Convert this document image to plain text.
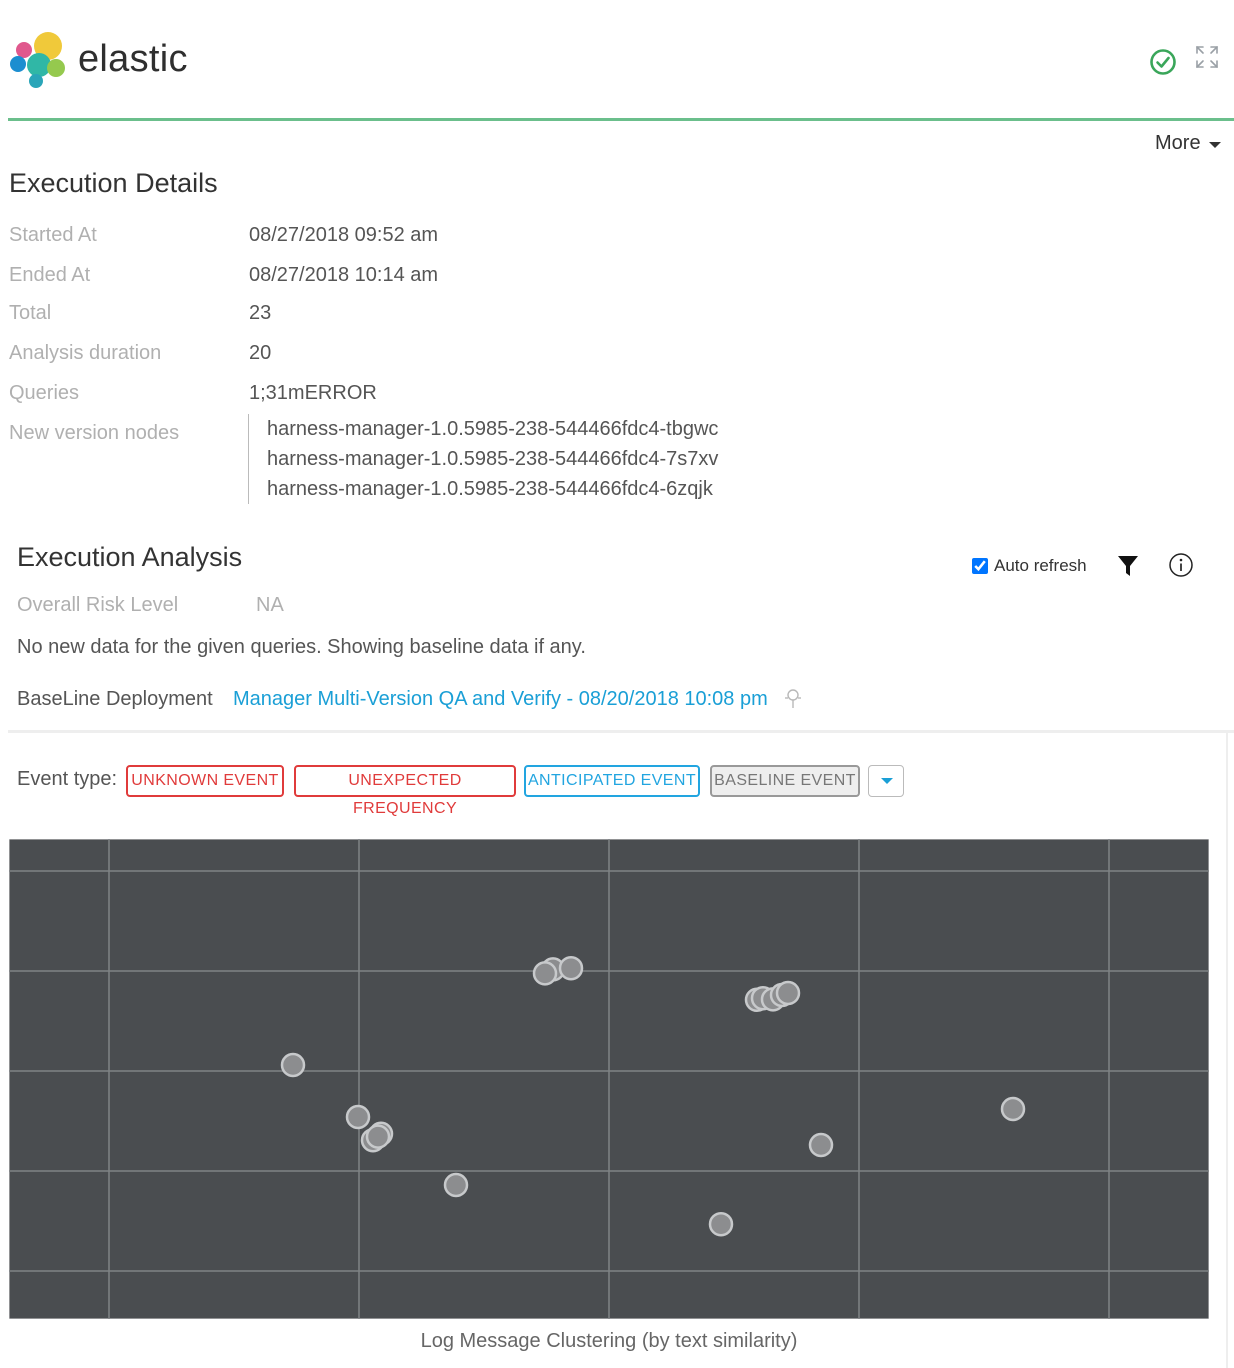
elastic
More
Execution Details
Started At	08/27/2018 09:52 am
Ended At	08/27/2018 10:14 am
Total	23
Analysis duration	20
Queries	1;31mERROR
New version nodes	harness-manager-1.0.5985-238-544466fdc4-tbgwc
harness-manager-1.0.5985-238-544466fdc4-7s7xv
harness-manager-1.0.5985-238-544466fdc4-6zqjk
Execution Analysis	Auto refresh
Overall Risk Level	NA
No new data for the given queries. Showing baseline data if any.
BaseLine Deployment Manager Multi-Version QA and Verify - 08/20/2018 10:08 pm
Event type: UNKNOWN EVENT	UNEXPECTED FREQUENCY
ANTICIPATED EVENT BASELINE EVENT
Log Message Clustering (by text similarity)
